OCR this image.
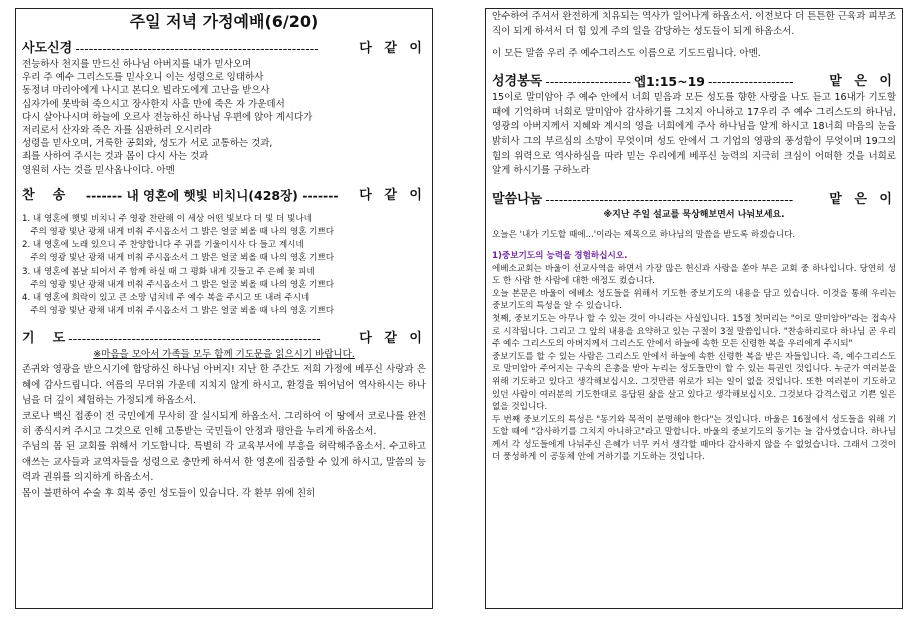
주일 저녁 가정예배(6/20)
사도신경 ------------------------------------------------------	다 같 이
전능하사 천지를 만드신 하나님 아버지를 내가 믿사오며
우리 주 예수 그리스도를 믿사오니 이는 성령으로 잉태하사
동정녀 마리아에게 나시고 본디오 빌라도에게 고난을 받으사
십자가에 못박혀 죽으시고 장사한지 사흘 만에 죽은 자 가운데서
다시 살아나시며 하늘에 오르사 전능하신 하나님 우편에 앉아 계시다가
저리로서 산자와 죽은 자를 심판하러 오시리라
성령을 믿사오며, 거룩한 공회와, 성도가 서로 교통하는 것과,
죄를 사하여 주시는 것과 몸이 다시 사는 것과
영원히 사는 것을 믿사옵나이다. 아멘
찬    송	------- 내 영혼에 햇빛 비치니(428장) -------	다 같 이
1. 내 영혼에 햇빛 비치니 주 영광 찬란해 이 세상 어떤 빛보다 더 빛 더 빛나네
주의 영광 빛난 광채 내게 비춰 주시옵소서 그 밝은 얼굴 뵈올 때 나의 영혼 기쁘다
2. 내 영혼에 노래 있으니 주 찬양합니다 주 귀를 기울이시사 다 들고 계시네
주의 영광 빛난 광채 내게 비춰 주시옵소서 그 밝은 얼굴 뵈올 때 나의 영혼 기쁘다
3. 내 영혼에 봄날 되어서 주 함께 하실 때 그 평화 내게 깃들고 주 은혜 꽃 피네
주의 영광 빛난 광채 내게 비춰 주시옵소서 그 밝은 얼굴 뵈올 때 나의 영혼 기쁘다
4. 내 영혼에 희락이 있고 큰 소망 넘치네 주 예수 복을 주시고 또 내려 주시네
주의 영광 빛난 광채 내게 비춰 주시옵소서 그 밝은 얼굴 뵈올 때 나의 영혼 기쁘다
기    도 --------------------------------------------------------	다 같 이
※마음을 모아서 가족들 모두 함께 기도문을 읽으시기 바랍니다.
존귀와 영광을 받으시기에 합당하신 하나님 아버지! 지난 한 주간도 저희 가정에 베푸신 사랑과 은혜에 감사드립니다. 여름의 무더위 가운데 지치지 않게 하시고, 환경을 뛰어넘어 역사하시는 하나님을 더 깊이 체험하는 가정되게 하옵소서.
코로나 백신 접종이 전 국민에게 무사히 잘 실시되게 하옵소서. 그리하여 이 땅에서 코로나를 완전히 종식시켜 주시고 그것으로 인해 고통받는 국민들이 안정과 평안을 누리게 하옵소서.
주님의 몸 된 교회를 위해서 기도합니다. 특별히 각 교육부서에 부흥을 허락해주옵소서. 수고하고 애쓰는 교사들과 교역자들을 성령으로 충만케 하셔서 한 영혼에 집중할 수 있게 하시고, 말씀의 능력과 권위를 의지하게 하옵소서.
몸이 불편하여 수술 후 회복 중인 성도들이 있습니다. 각 환부 위에 친히
안수하여 주셔서 완전하게 치유되는 역사가 일어나게 하옵소서. 이전보다 더 튼튼한 근육과 피부조직이 되게 하셔서 더 힘 있게 주의 일을 감당하는 성도들이 되게 하옵소서.
이 모든 말씀 우리 주 예수그리스도 이름으로 기도드립니다. 아멘.
성경봉독 ------------------- 엡1:15~19 -------------------	맡 은 이
15이로 말미암아 주 예수 안에서 너희 믿음과 모든 성도를 향한 사랑을 나도 듣고 16내가 기도할 때에 기억하며 너희로 말미암아 감사하기를 그치지 아니하고 17우리 주 예수 그리스도의 하나님, 영광의 아버지께서 지혜와 계시의 영을 너희에게 주사 하나님을 알게 하시고 18너희 마음의 눈을 밝히사 그의 부르심의 소망이 무엇이며 성도 안에서 그 기업의 영광의 풍성함이 무엇이며 19그의 힘의 위력으로 역사하심을 따라 믿는 우리에게 베푸신 능력의 지극히 크심이 어떠한 것을 너희로 알게 하시기를 구하노라
말씀나눔 -------------------------------------------------------	맡 은 이
※지난 주일 설교를 묵상해보면서 나눠보세요.
오늘은 '내가 기도할 때에...'이라는 제목으로 하나님의 말씀을 받도록 하겠습니다.
1)중보기도의 능력을 경험하십시오.
에베소교회는 바울이 선교사역을 하면서 가장 많은 헌신과 사랑을 쏟아 부은 교회 중 하나입니다. 당연히 성도 한 사람 한 사람에 대한 애정도 컸습니다.
오늘 본문은 바울이 에베소 성도들을 위해서 기도한 중보기도의 내용을 담고 있습니다. 이것을 통해 우리는 중보기도의 특성을 알 수 있습니다.
첫째, 중보기도는 아무나 할 수 있는 것이 아니라는 사실입니다. 15절 첫머리는 "이로 말미암아"라는 접속사로 시작됩니다. 그리고 그 앞의 내용을 요약하고 있는 구절이 3절 말씀입니다. "찬송하리로다 하나님 곧 우리 주 예수 그리스도의 아버지께서 그리스도 안에서 하늘에 속한 모든 신령한 복을 우리에게 주시되"
중보기도를 할 수 있는 사람은 그리스도 안에서 하늘에 속한 신령한 복을 받은 자들입니다. 즉, 예수그리스도로 말미암아 주어지는 구속의 은총을 받아 누리는 성도들만이 할 수 있는 특권인 것입니다. 누군가 여러분을 위해 기도하고 있다고 생각해보십시오. 그것만큼 위로가 되는 일이 없을 것입니다. 또한 여러분이 기도하고 있던 사람이 여러분의 기도한대로 응답된 삶을 살고 있다고 생각해보십시오. 그것보다 감격스럽고 기쁜 일은 없을 것입니다.
두 번째 중보기도의 특성은 "동기와 목적이 분명해야 한다"는 것입니다. 바울은 16절에서 성도들을 위해 기도할 때에 "감사하기를 그치지 아니하고"라고 말합니다. 바울의 중보기도의 동기는 늘 감사였습니다. 하나님께서 각 성도들에게 나눠주신 은혜가 너무 커서 생각할 때마다 감사하지 않을 수 없었습니다. 그래서 그것이 더 풍성하게 이 공동체 안에 거하기를 기도하는 것입니다.
